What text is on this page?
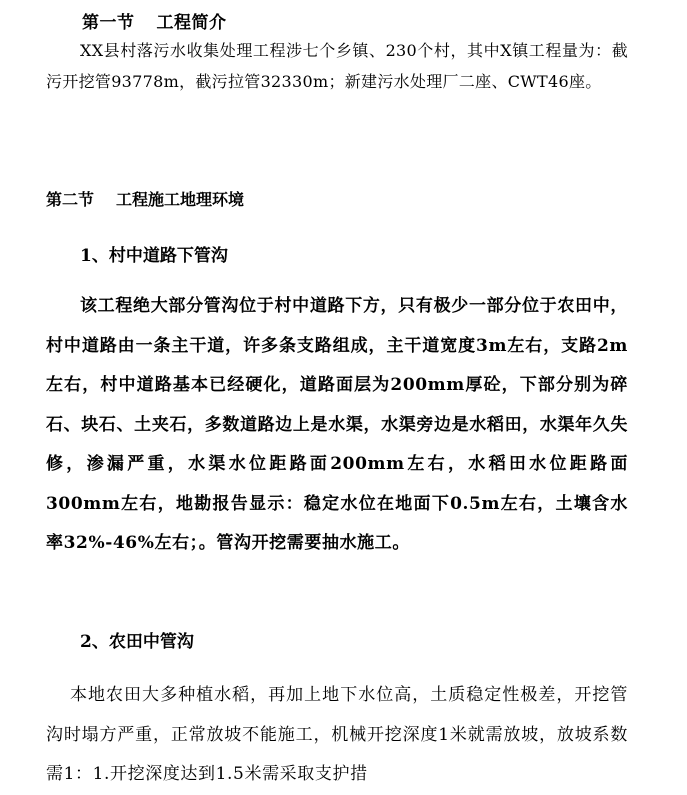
第一节 工程简介

XX县村落污水收集处理工程涉七个乡镇、230个村，其中X镇工程量为：截污开挖管93778m，截污拉管32330m；新建污水处理厂二座、CWT46座。

第二节 工程施工地理环境
1、村中道路下管沟

该工程绝大部分管沟位于村中道路下方，只有极少一部分位于农田中，村中道路由一条主干道，许多条支路组成，主干道宽度3m左右，支路2m左右，村中道路基本已经硬化，道路面层为200mm厚砼，下部分别为碎石、块石、土夹石，多数道路边上是水渠，水渠旁边是水稻田，水渠年久失修，渗漏严重，水渠水位距路面200mm左右，水稻田水位距路面300mm左右，地勘报告显示：稳定水位在地面下0.5m左右，土壤含水率32%-46%左右；。管沟开挖需要抽水施工。

2、农田中管沟

本地农田大多种植水稻，再加上地下水位高，土质稳定性极差，开挖管沟时塌方严重，正常放坡不能施工，机械开挖深度1米就需放坡，放坡系数需1：1.开挖深度达到1.5米需采取支护措
